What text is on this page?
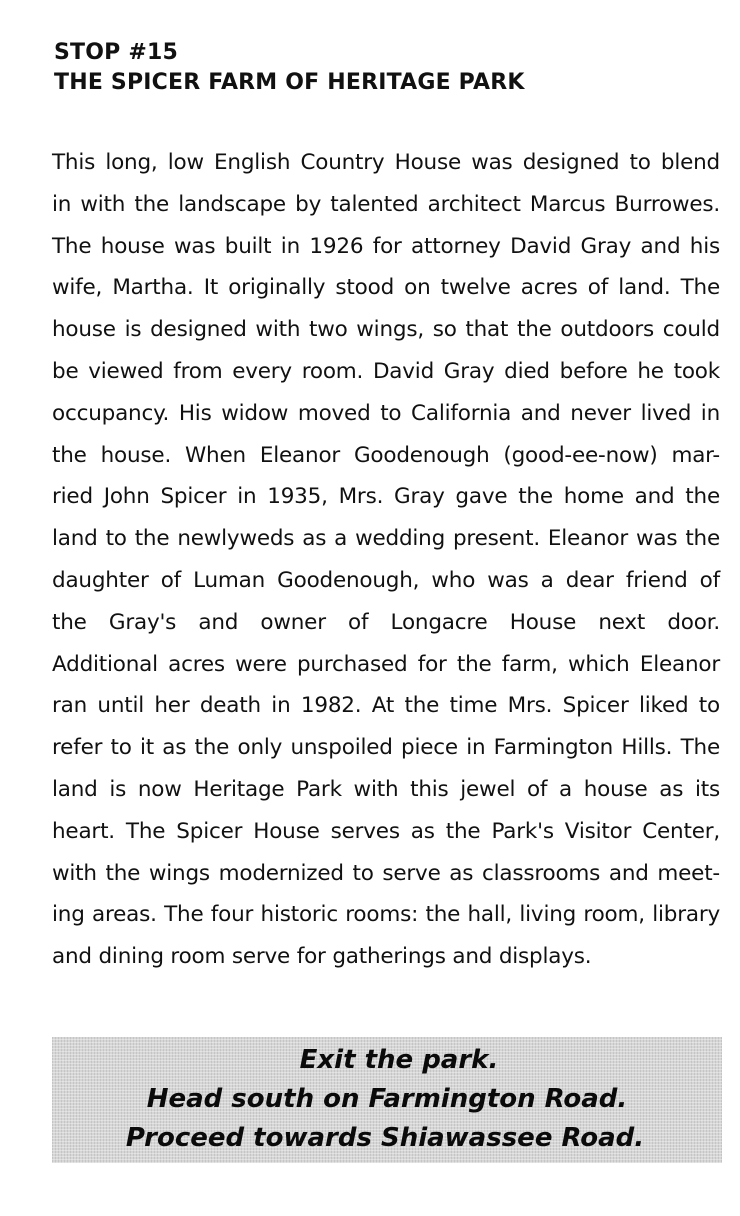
STOP #15
THE SPICER FARM OF HERITAGE PARK
This long, low English Country House was designed to blend
in with the landscape by talented architect Marcus Burrowes.
The house was built in 1926 for attorney David Gray and his
wife, Martha. It originally stood on twelve acres of land. The
house is designed with two wings, so that the outdoors could
be viewed from every room. David Gray died before he took
occupancy. His widow moved to California and never lived in
the house. When Eleanor Goodenough (good-ee-now) mar-
ried John Spicer in 1935, Mrs. Gray gave the home and the
land to the newlyweds as a wedding present. Eleanor was the
daughter of Luman Goodenough, who was a dear friend of
the Gray's and owner of Longacre House next door.
Additional acres were purchased for the farm, which Eleanor
ran until her death in 1982. At the time Mrs. Spicer liked to
refer to it as the only unspoiled piece in Farmington Hills. The
land is now Heritage Park with this jewel of a house as its
heart. The Spicer House serves as the Park's Visitor Center,
with the wings modernized to serve as classrooms and meet-
ing areas. The four historic rooms: the hall, living room, library
and dining room serve for gatherings and displays.
Exit the park.
Head south on Farmington Road.
Proceed towards Shiawassee Road.
